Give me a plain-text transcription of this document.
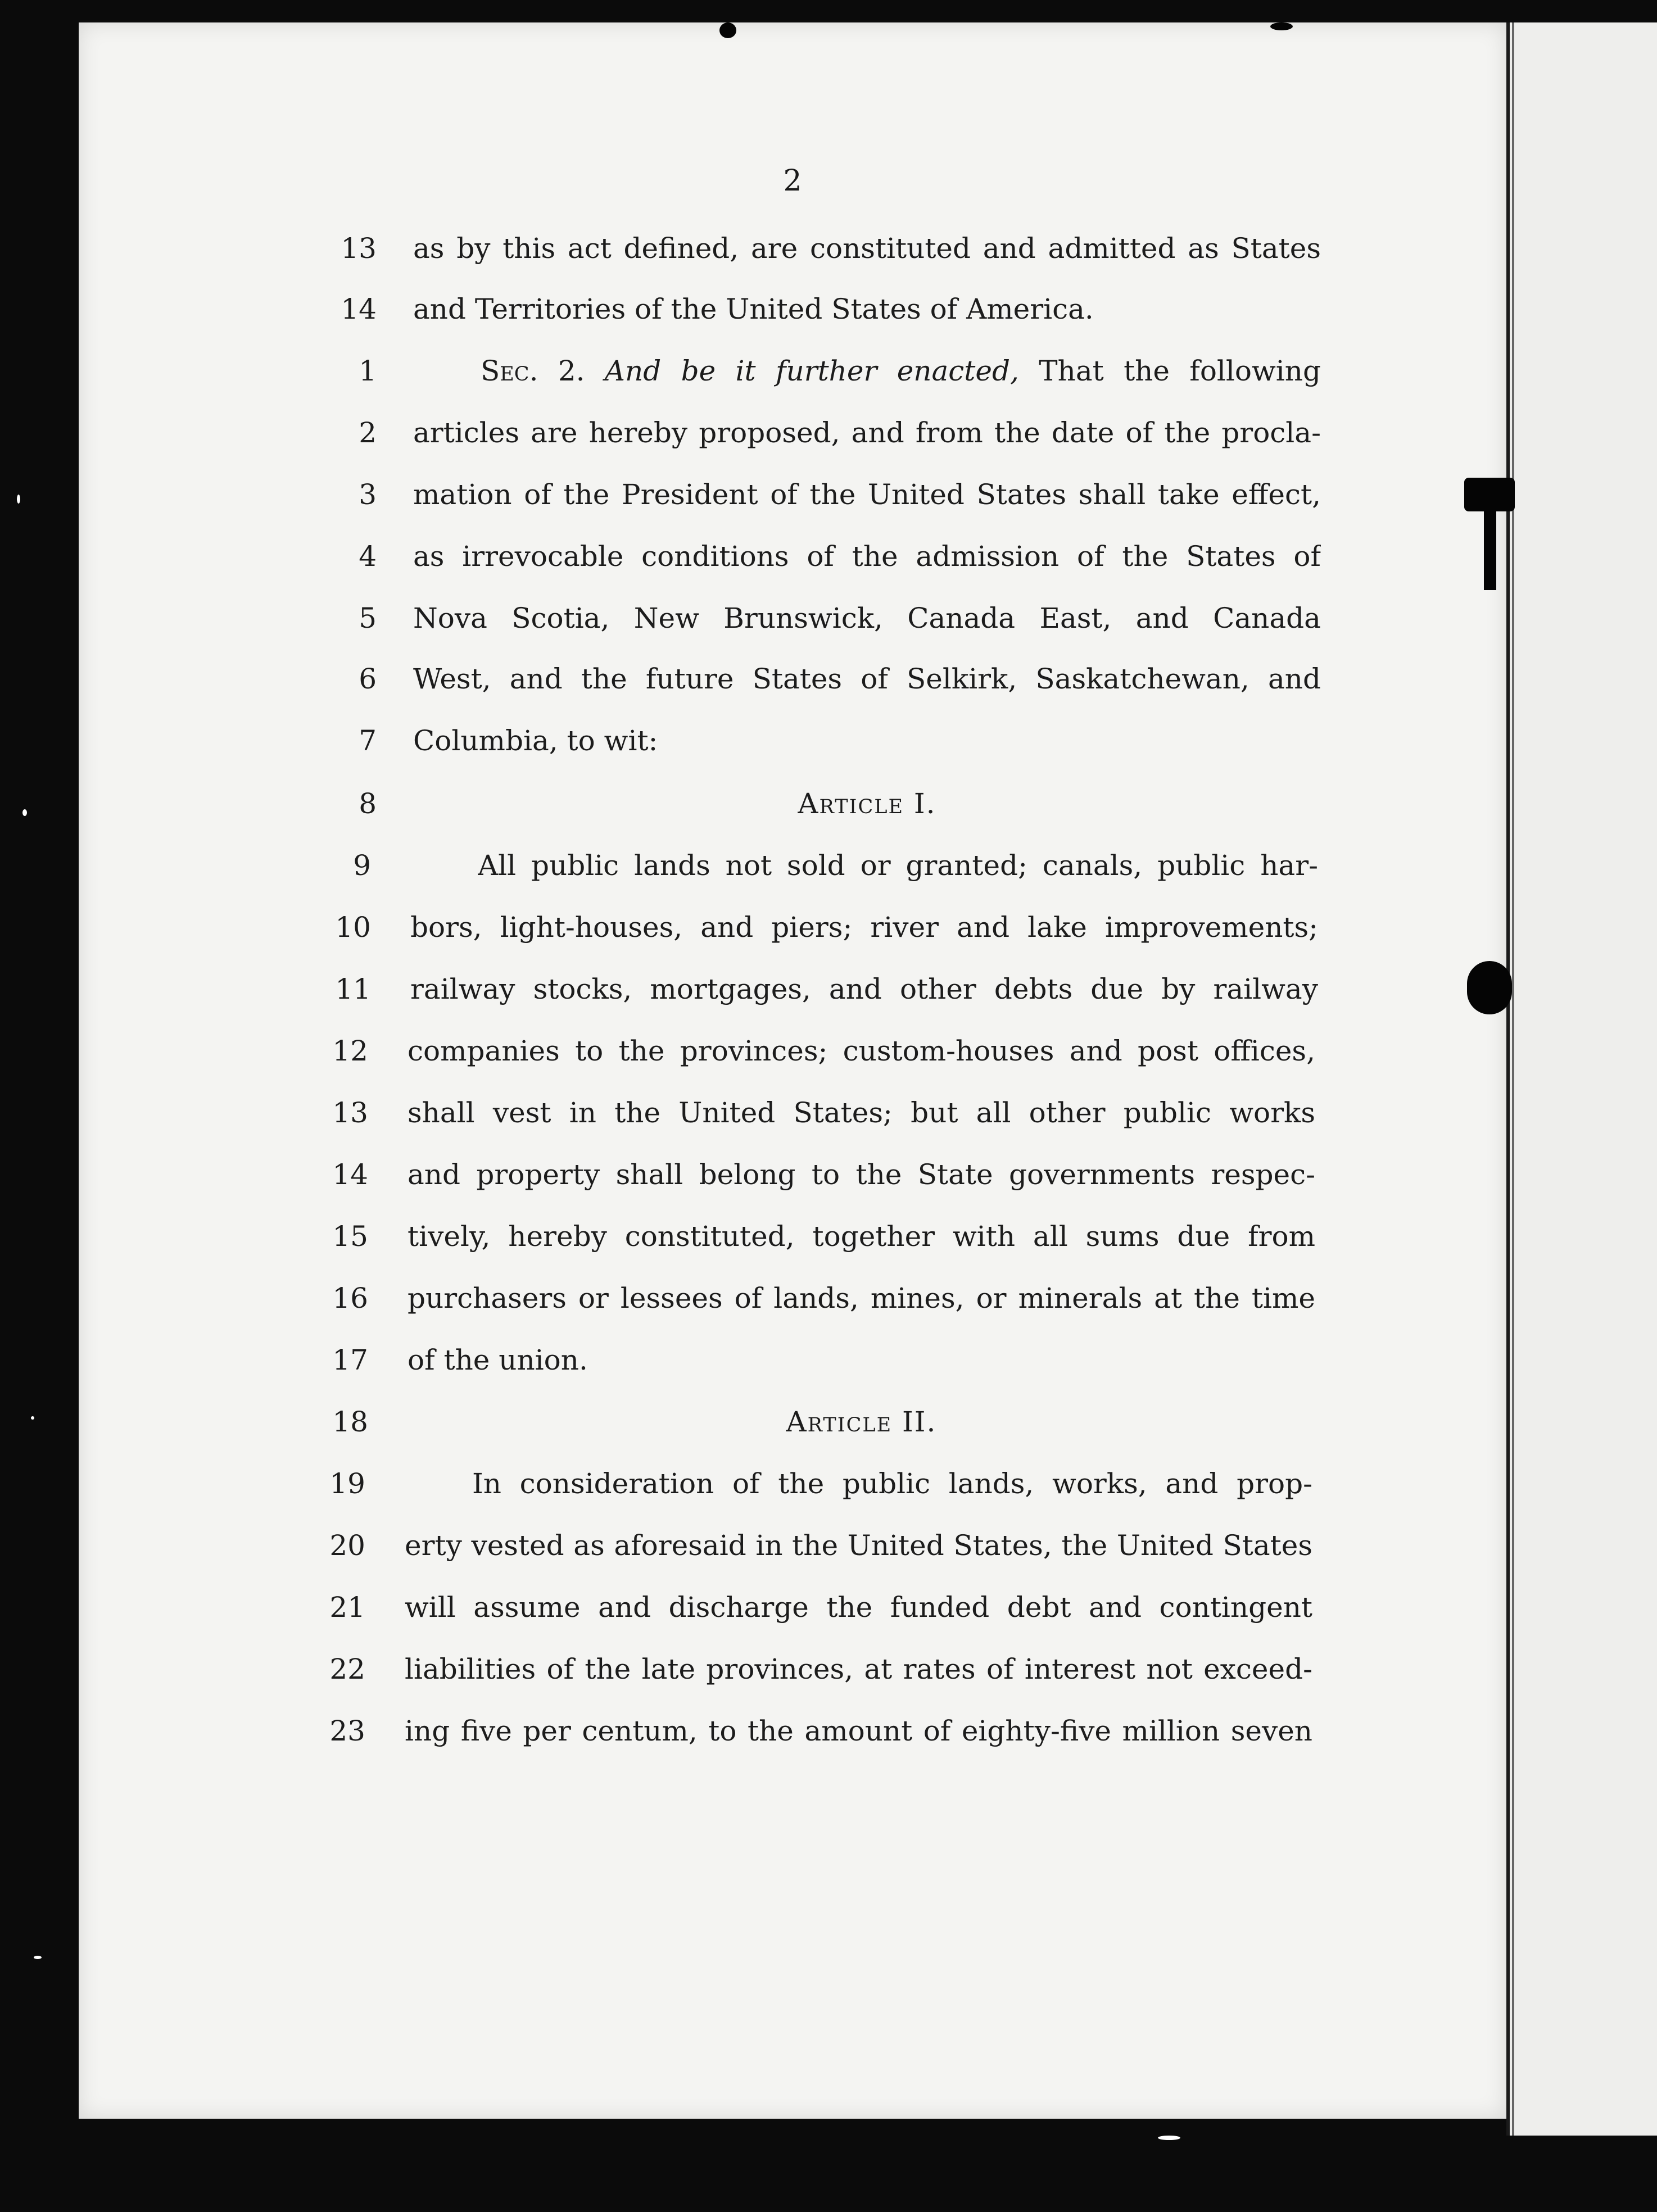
2
13 as by this act defined, are constituted and admitted as States
14 and Territories of the United States of America.
1	Sec. 2. And be it further enacted, That the following
2 articles are hereby proposed, and from the date of the procla-
3 mation of the President of the United States shall take effect,
4 as irrevocable conditions of the admission of the States of
5 Nova Scotia, New Brunswick, Canada East, and Canada
6 West, and the future States of Selkirk, Saskatchewan, and
7 Columbia, to wit:
8	Article I.
9	All public lands not sold or granted; canals, public har-
10 bors, light-houses, and piers; river and lake improvements;
11 railway stocks, mortgages, and other debts due by railway
12 companies to the provinces; custom-houses and post offices,
13 shall vest in the United States; but all other public works
14 and property shall belong to the State governments respec-
15 tively, hereby constituted, together with all sums due from
16 purchasers or lessees of lands, mines, or minerals at the time
17 of the union.
18	Article II.
19	In consideration of the public lands, works, and prop-
20 erty vested as aforesaid in the United States, the United States
21 will assume and discharge the funded debt and contingent
22 liabilities of the late provinces, at rates of interest not exceed-
23 ing five per centum, to the amount of eighty-five million seven
